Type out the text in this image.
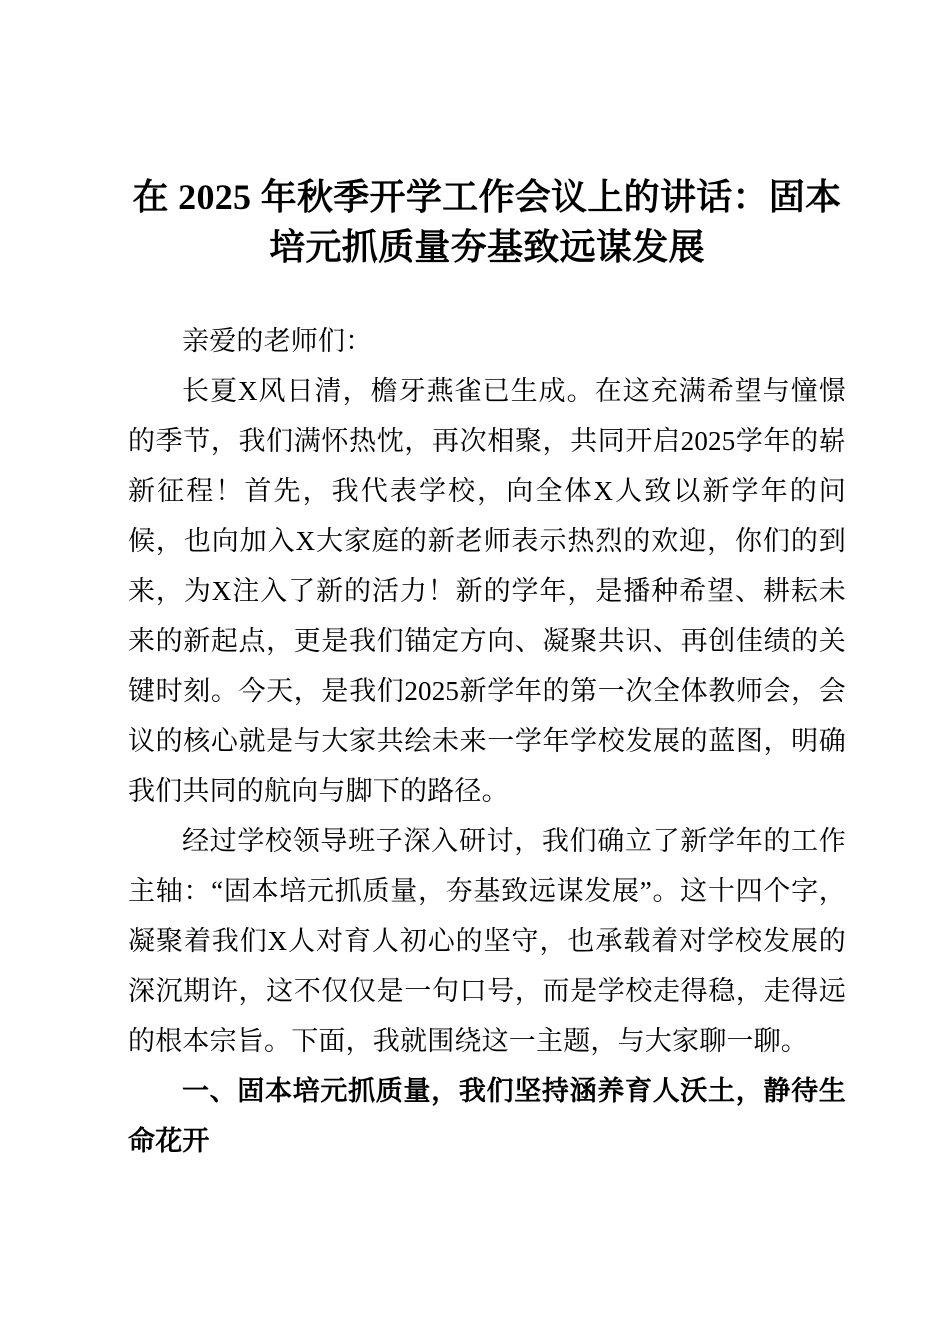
在 2025 年秋季开学工作会议上的讲话：固本
培元抓质量夯基致远谋发展

亲爱的老师们：

长夏X风日清，檐牙燕雀已生成。在这充满希望与憧憬的季节，我们满怀热忱，再次相聚，共同开启2025学年的崭新征程！首先，我代表学校，向全体X人致以新学年的问候，也向加入X大家庭的新老师表示热烈的欢迎，你们的到来，为X注入了新的活力！新的学年，是播种希望、耕耘未来的新起点，更是我们锚定方向、凝聚共识、再创佳绩的关键时刻。今天，是我们2025新学年的第一次全体教师会，会议的核心就是与大家共绘未来一学年学校发展的蓝图，明确我们共同的航向与脚下的路径。

经过学校领导班子深入研讨，我们确立了新学年的工作主轴：“固本培元抓质量，夯基致远谋发展”。这十四个字，凝聚着我们X人对育人初心的坚守，也承载着对学校发展的深沉期许，这不仅仅是一句口号，而是学校走得稳，走得远的根本宗旨。下面，我就围绕这一主题，与大家聊一聊。

一、固本培元抓质量，我们坚持涵养育人沃土，静待生命花开
